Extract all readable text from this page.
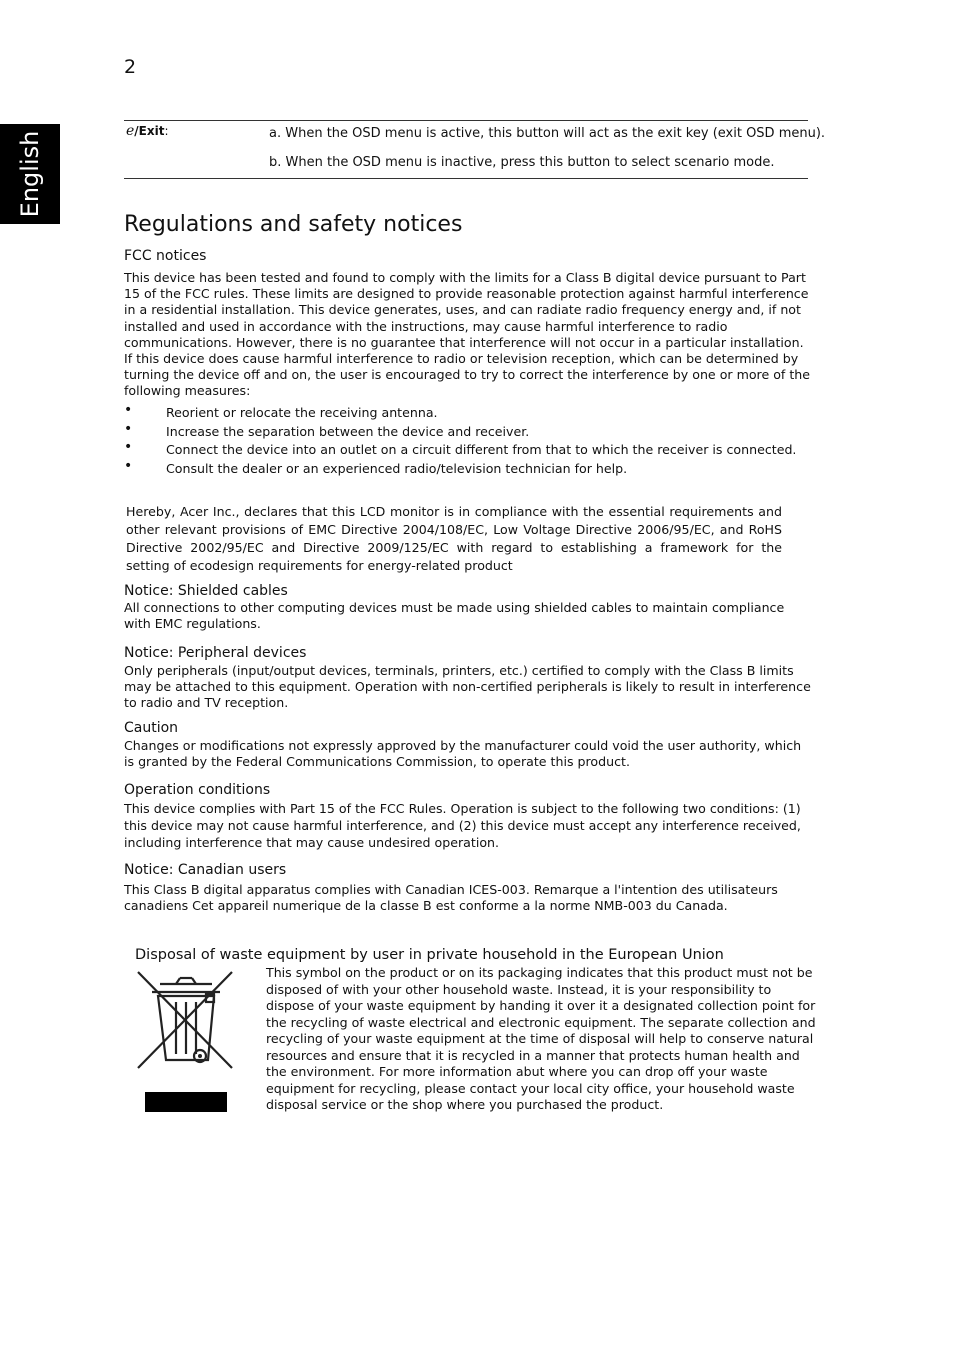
2
English	e/Exit:	a. When the OSD menu is active, this button will act as the exit key (exit OSD menu).
b. When the OSD menu is inactive, press this button to select scenario mode.
Regulations and safety notices
FCC notices

This device has been tested and found to comply with the limits for a Class B digital device pursuant to Part 15 of the FCC rules. These limits are designed to provide reasonable protection against harmful interference in a residential installation. This device generates, uses, and can radiate radio frequency energy and, if not installed and used in accordance with the instructions, may cause harmful interference to radio communications. However, there is no guarantee that interference will not occur in a particular installation. If this device does cause harmful interference to radio or television reception, which can be determined by turning the device off and on, the user is encouraged to try to correct the interference by one or more of the following measures:

• Reorient or relocate the receiving antenna.
• Increase the separation between the device and receiver.
• Connect the device into an outlet on a circuit different from that to which the receiver is connected.
• Consult the dealer or an experienced radio/television technician for help.

Hereby, Acer Inc., declares that this LCD monitor is in compliance with the essential requirements and other relevant provisions of EMC Directive 2004/108/EC, Low Voltage Directive 2006/95/EC, and RoHS Directive 2002/95/EC and Directive 2009/125/EC with regard to establishing a framework for the setting of ecodesign requirements for energy-related product

Notice: Shielded cables

All connections to other computing devices must be made using shielded cables to maintain compliance with EMC regulations.

Notice: Peripheral devices

Only peripherals (input/output devices, terminals, printers, etc.) certified to comply with the Class B limits may be attached to this equipment. Operation with non-certified peripherals is likely to result in interference to radio and TV reception.

Caution

Changes or modifications not expressly approved by the manufacturer could void the user authority, which is granted by the Federal Communications Commission, to operate this product.

Operation conditions

This device complies with Part 15 of the FCC Rules. Operation is subject to the following two conditions: (1) this device may not cause harmful interference, and (2) this device must accept any interference received, including interference that may cause undesired operation.

Notice: Canadian users

This Class B digital apparatus complies with Canadian ICES-003. Remarque a l'intention des utilisateurs canadiens Cet appareil numerique de la classe B est conforme a la norme NMB-003 du Canada.

Disposal of waste equipment by user in private household in the European Union

This symbol on the product or on its packaging indicates that this product must not be disposed of with your other household waste. Instead, it is your responsibility to dispose of your waste equipment by handing it over it a designated collection point for the recycling of waste electrical and electronic equipment. The separate collection and recycling of your waste equipment at the time of disposal will help to conserve natural resources and ensure that it is recycled in a manner that protects human health and the environment. For more information abut where you can drop off your waste equipment for recycling, please contact your local city office, your household waste disposal service or the shop where you purchased the product.
